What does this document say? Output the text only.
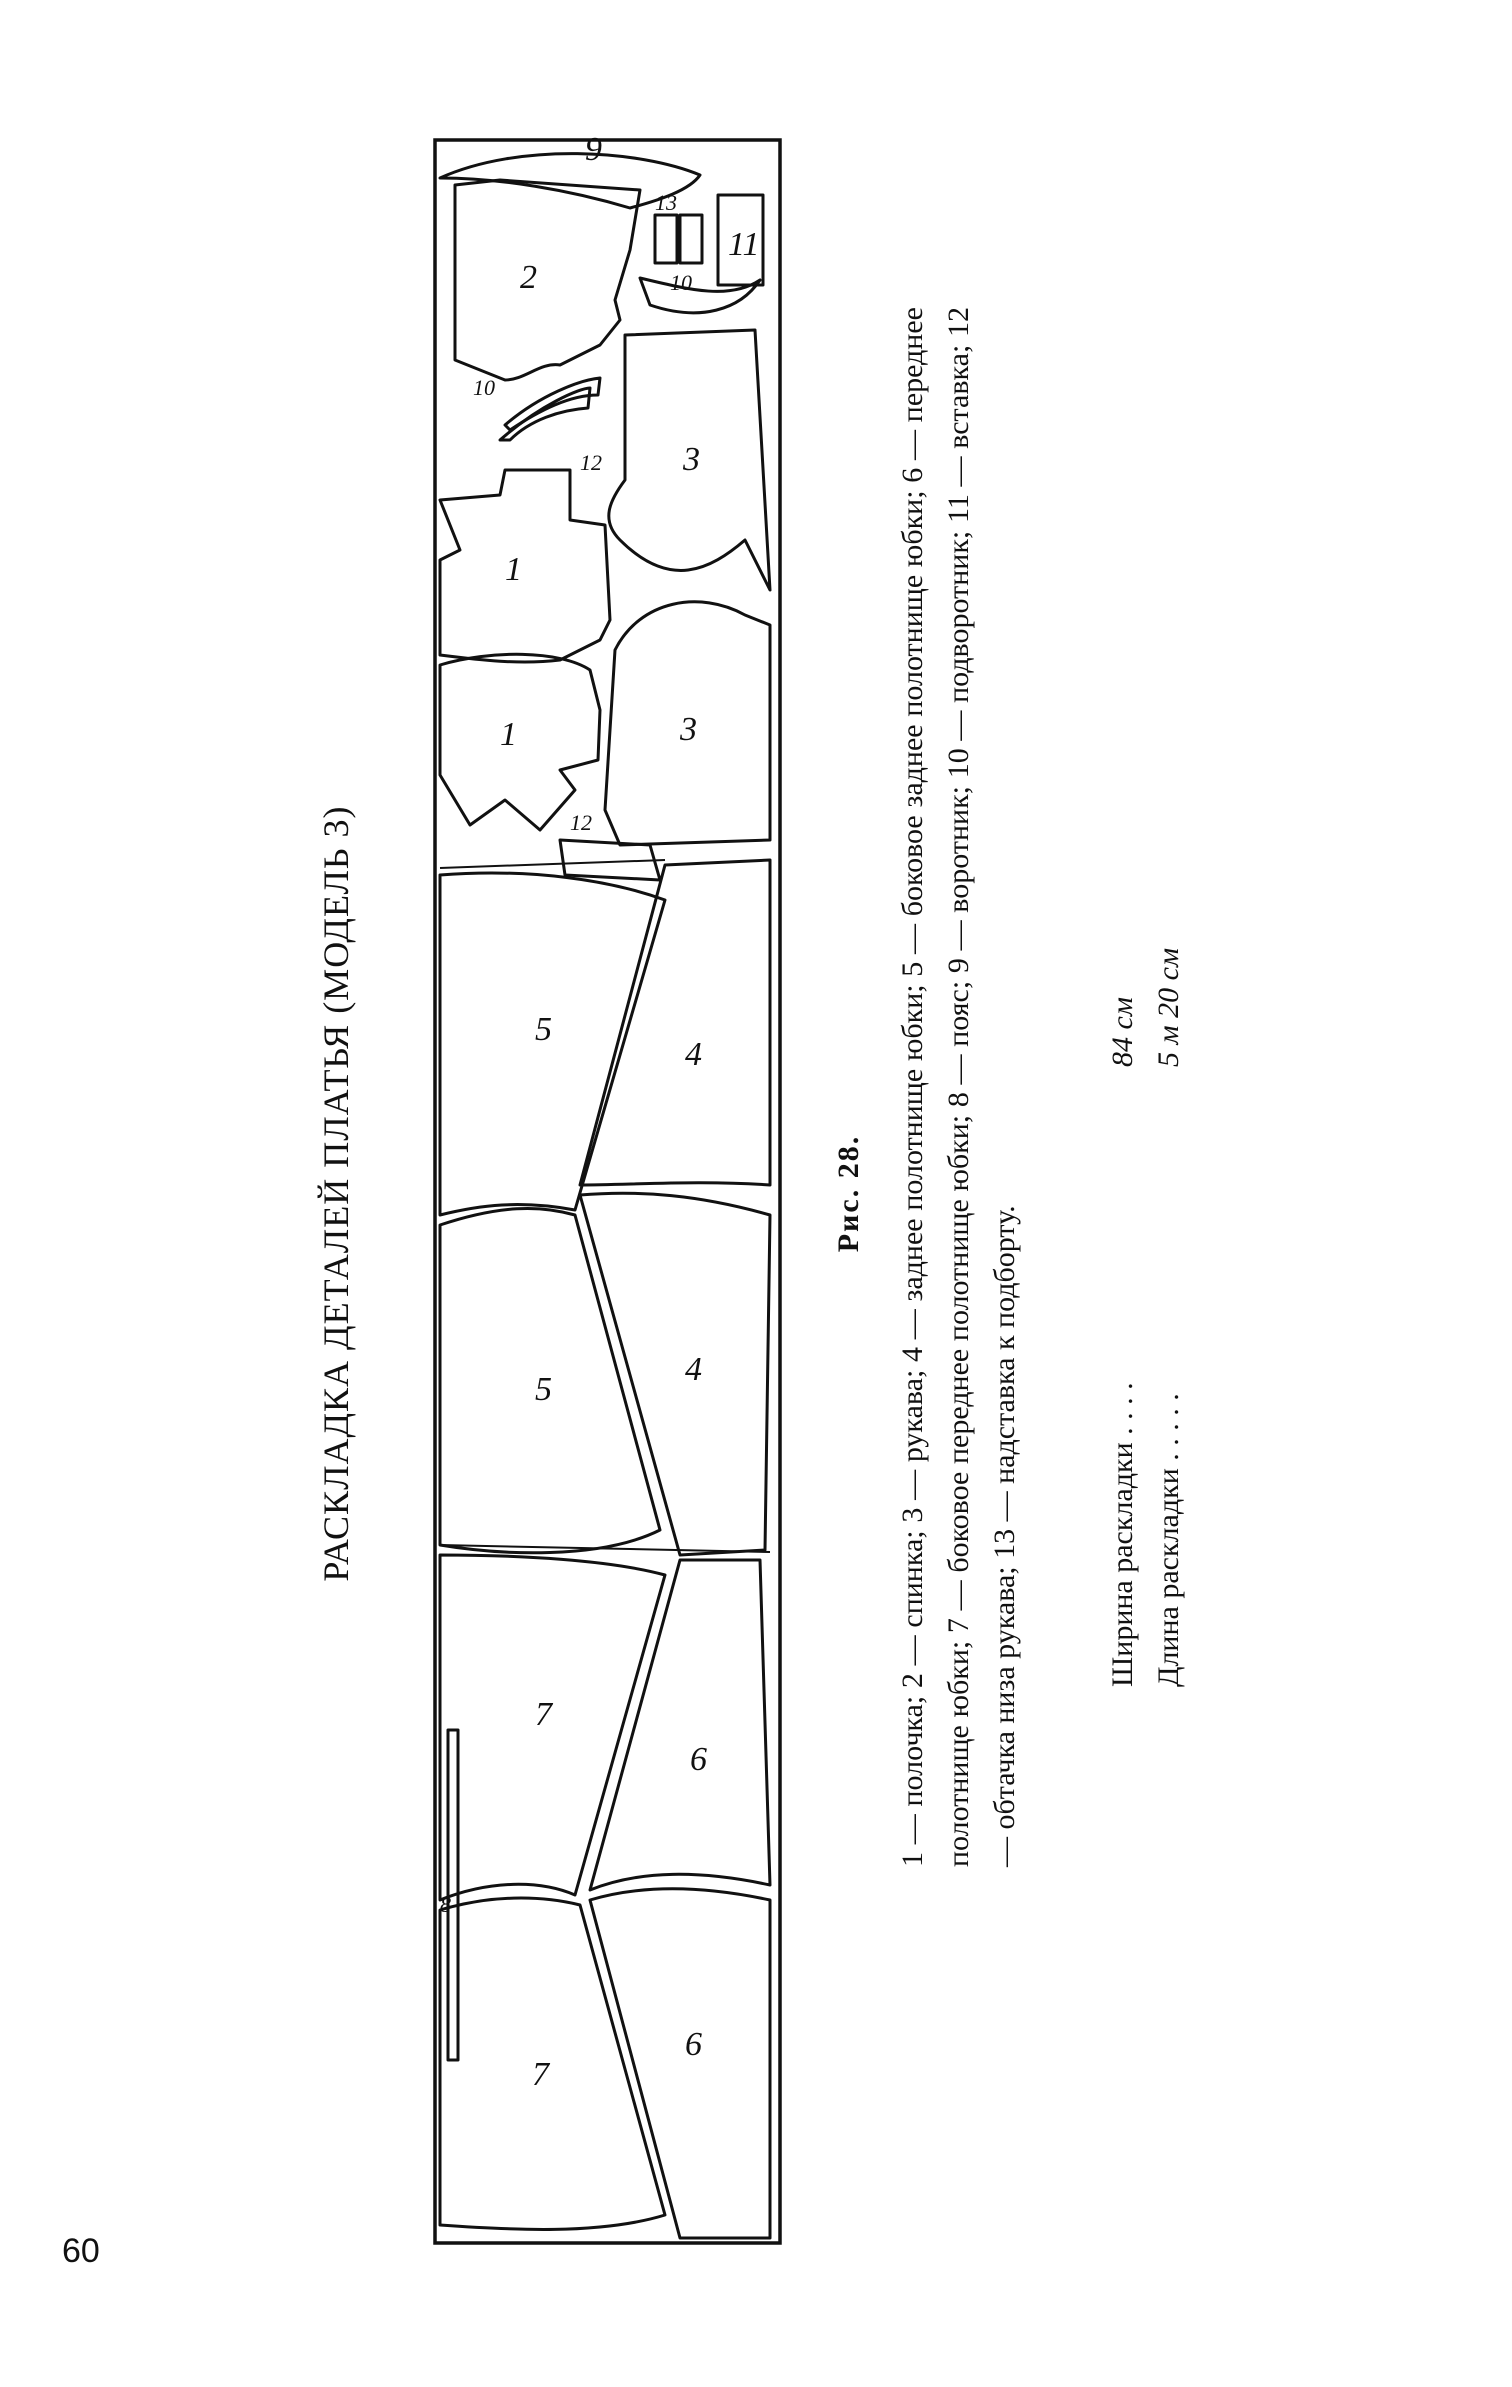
9
13
11
10
2
8
10
12
1
3
1	3
12
5
4
5
4
7
6
7
6
РАСКЛАДКА ДЕТАЛЕЙ ПЛАТЬЯ (МОДЕЛЬ 3)	Рис. 28. 1 — полочка; 2 — спинка; 3 — рукава; 4 — заднее полотнище юбки; 5 — боковое заднее полотнище юбки; 6 — переднее полотнище юбки; 7 — боковое переднее полотнище юбки; 8 — пояс; 9 — воротник; 10 — подворотник; 11 — вставка; 12 — обтачка низа рукава; 13 — надставка к подборту.	Ширина раскладки . . . .
84 см
Длина раскладки . . . . .
5 м 20 см
60
